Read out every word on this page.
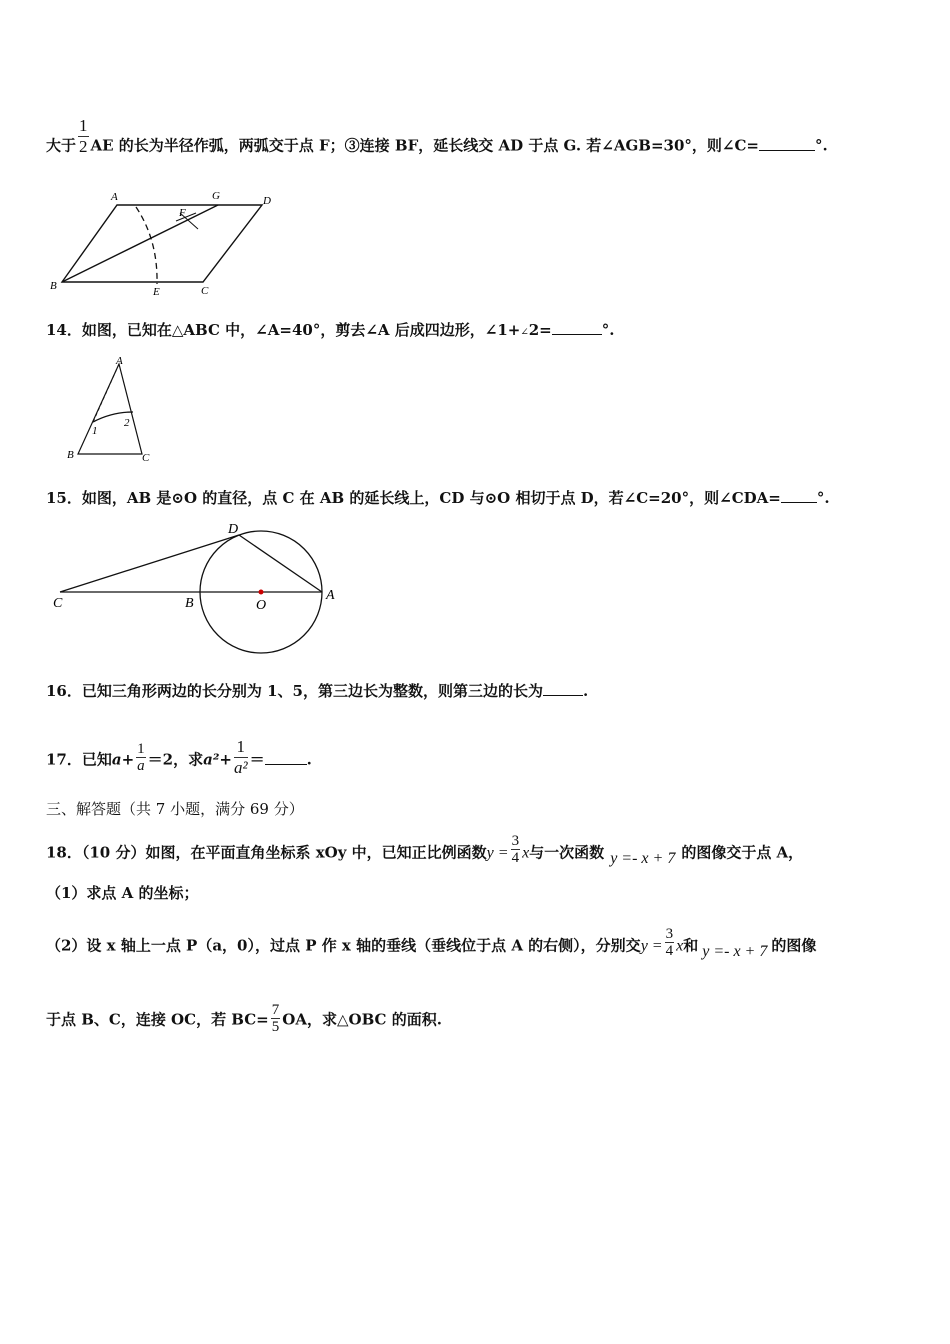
大于 $\frac{1}{2}$ AE 的长为半径作弧，两弧交于点 F；③连接 BF，延长线交 AD 于点 G. 若∠AGB=30°，则∠C=	°.
A	G	D
F
B	E	C
14．如图，已知在△ABC 中，∠A=40°，剪去∠A 后成四边形，∠1+∠2=	°.
A
B	C
1
2
15．如图，AB 是⊙O 的直径，点 C 在 AB 的延长线上，CD 与⊙O 相切于点 D，若∠C=20°，则∠CDA= °.
D
C	B	O
A
16．已知三角形两边的长分别为 1、5，第三边长为整数，则第三边的长为	.
17．已知$a+ \frac{1}{a} =2$，求$a^2+ \frac{1}{\text{a²}}$ ＝	.
三、解答题（共 7 小题，满分 69 分）
18．（10 分）如图，在平面直角坐标系 xOy 中，已知正比例函数$y = \frac{3}{4}$ x与一次函数 y =- x + 7 的图像交于点 A，
（1）求点 A 的坐标；
（2）设 x 轴上一点 P（a，0），过点 P 作 x 轴的垂线（垂线位于点 A 的右侧），分别交$y = \frac{3}{4}$ x和 y =- x + 7 的图像
于点 B、C，连接 OC，若 $BC= \frac{7}{5}$ OA，求△OBC 的面积.
